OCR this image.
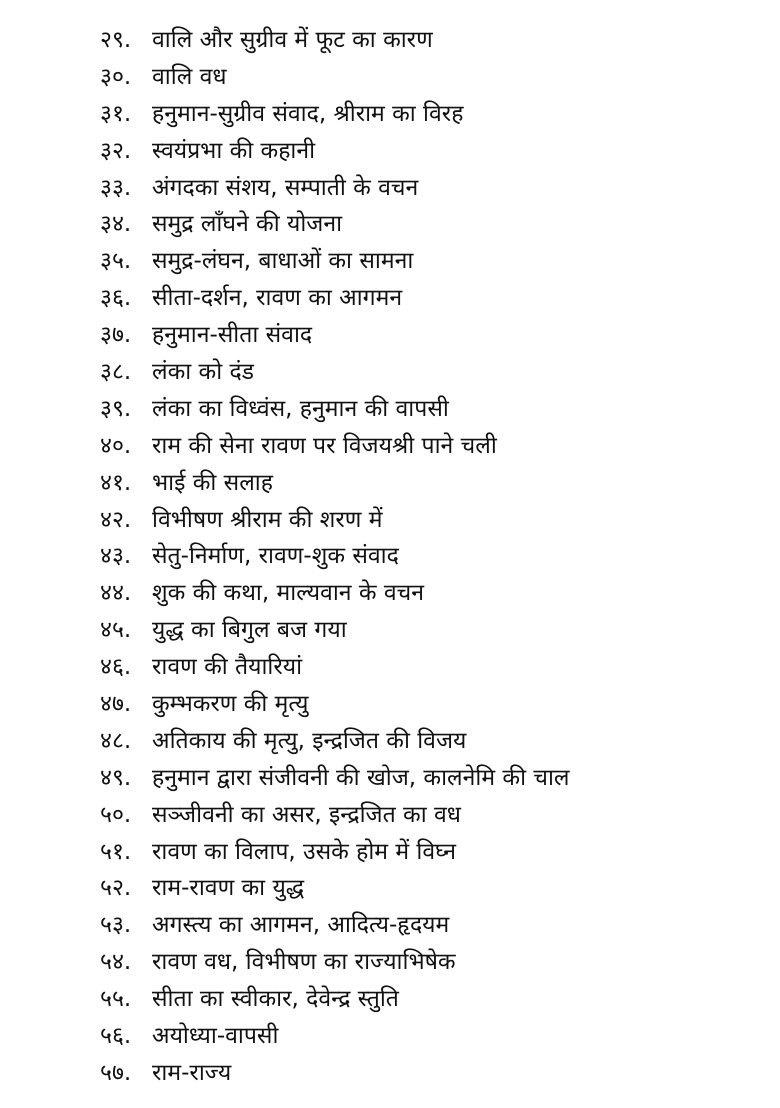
२९. वालि और सुग्रीव में फूट का कारण
३०. वालि वध
३१. हनुमान-सुग्रीव संवाद, श्रीराम का विरह
३२. स्वयंप्रभा की कहानी
३३. अंगदका संशय, सम्पाती के वचन
३४. समुद्र लाँघने की योजना
३५. समुद्र-लंघन, बाधाओं का सामना
३६. सीता-दर्शन, रावण का आगमन
३७. हनुमान-सीता संवाद
३८. लंका को दंड
३९. लंका का विध्वंस, हनुमान की वापसी
४०. राम की सेना रावण पर विजयश्री पाने चली
४१. भाई की सलाह
४२. विभीषण श्रीराम की शरण में
४३. सेतु-निर्माण, रावण-शुक संवाद
४४. शुक की कथा, माल्यवान के वचन
४५. युद्ध का बिगुल बज गया
४६. रावण की तैयारियां
४७. कुम्भकरण की मृत्यु
४८. अतिकाय की मृत्यु, इन्द्रजित की विजय
४९. हनुमान द्वारा संजीवनी की खोज, कालनेमि की चाल
५०. सञ्जीवनी का असर, इन्द्रजित का वध
५१. रावण का विलाप, उसके होम में विघ्न
५२. राम-रावण का युद्ध
५३. अगस्त्य का आगमन, आदित्य-हृदयम
५४. रावण वध, विभीषण का राज्याभिषेक
५५. सीता का स्वीकार, देवेन्द्र स्तुति
५६. अयोध्या-वापसी
५७. राम-राज्य
